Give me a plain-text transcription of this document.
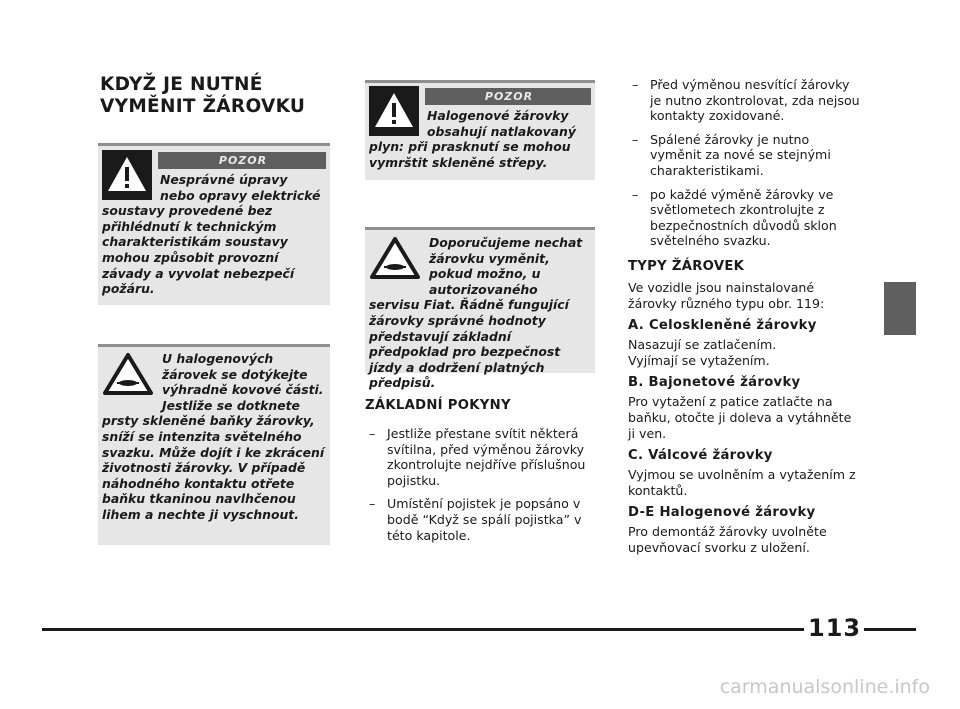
KDYŽ JE NUTNÉ
VYMĚNIT ŽÁROVKU
POZOR

Nesprávné úpravy nebo opravy elektrické soustavy provedené bez přihlédnutí k technickým charakteristikám soustavy mohou způsobit provozní závady a vyvolat nebezpečí požáru.

POZOR

Halogenové žárovky obsahují natlakovaný plyn: při prasknutí se mohou vymrštit skleněné střepy.

U halogenových žárovek se dotýkejte výhradně kovové části. Jestliže se dotknete prsty skleněné baňky žárovky, sníží se intenzita světelného svazku. Může dojít i ke zkrácení životnosti žárovky. V případě náhodného kontaktu otřete baňku tkaninou navlhčenou lihem a nechte ji vyschnout.

Doporučujeme nechat žárovku vyměnit, pokud možno, u autorizovaného servisu Fiat. Řádně fungující žárovky správné hodnoty představují základní předpoklad pro bezpečnost jízdy a dodržení platných předpisů.

ZÁKLADNÍ POKYNY

– Jestliže přestane svítit některá svítilna, před výměnou žárovky zkontrolujte nejdříve příslušnou pojistku.
– Umístění pojistek je popsáno v bodě “Když se spálí pojistka” v této kapitole.
– Před výměnou nesvítící žárovky je nutno zkontrolovat, zda nejsou kontakty zoxidované.
– Spálené žárovky je nutno vyměnit za nové se stejnými charakteristikami.
– po každé výměně žárovky ve světlometech zkontrolujte z bezpečnostních důvodů sklon světelného svazku.

TYPY ŽÁROVEK

Ve vozidle jsou nainstalované žárovky různého typu obr. 119:

A. Celoskleněné žárovky

Nasazují se zatlačením.
Vyjímají se vytažením.

B. Bajonetové žárovky

Pro vytažení z patice zatlačte na baňku, otočte ji doleva a vytáhněte ji ven.

C. Válcové žárovky

Vyjmou se uvolněním a vytažením z kontaktů.

D-E Halogenové žárovky

Pro demontáž žárovky uvolněte upevňovací svorku z uložení.

113
carmanualsonline.info
